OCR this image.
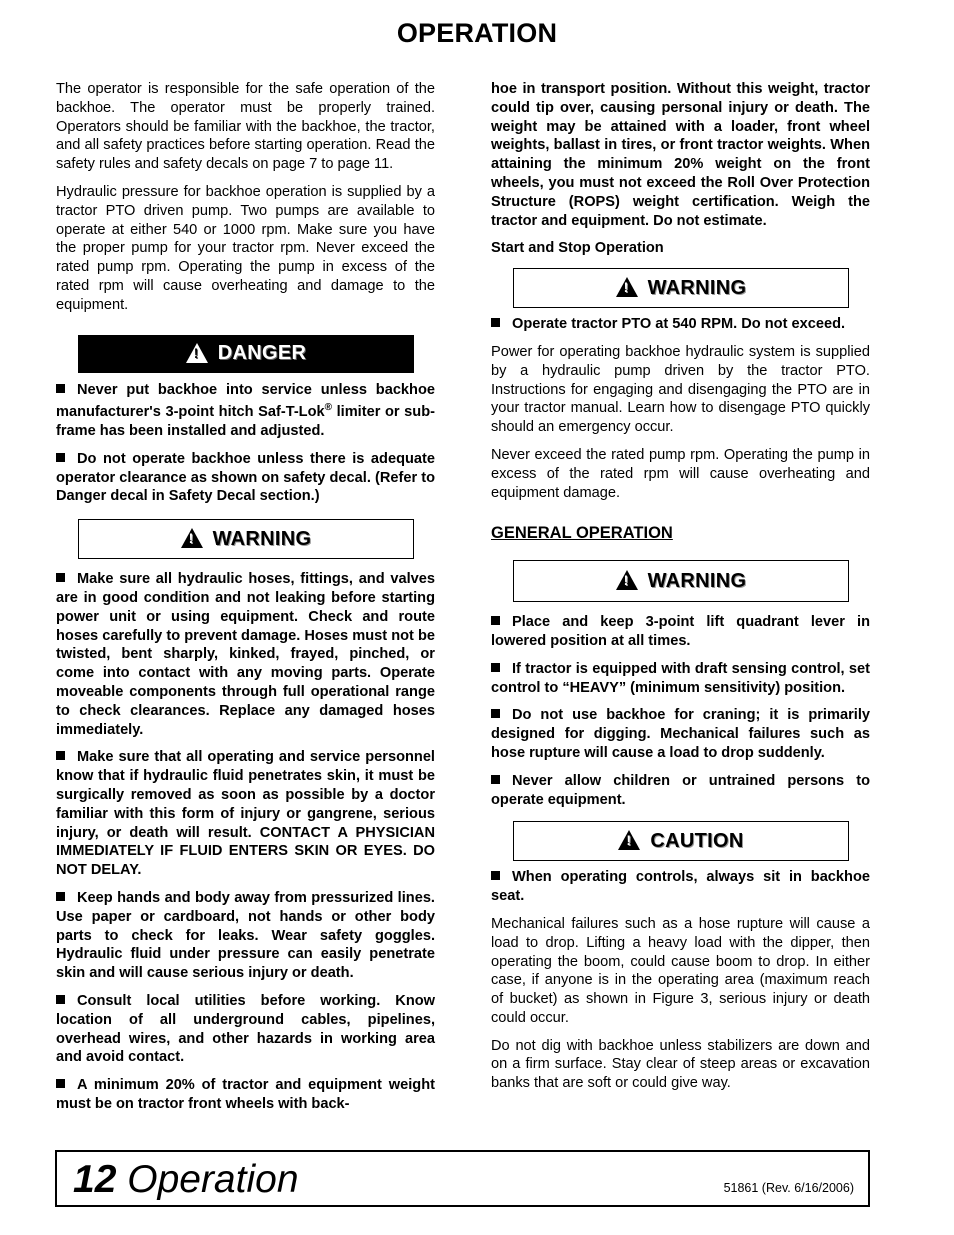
OPERATION

The operator is responsible for the safe operation of the backhoe. The operator must be properly trained. Operators should be familiar with the backhoe, the tractor, and all safety practices before starting operation. Read the safety rules and safety decals on page 7 to page 11.

Hydraulic pressure for backhoe operation is supplied by a tractor PTO driven pump. Two pumps are available to operate at either 540 or 1000 rpm. Make sure you have the proper pump for your tractor rpm. Never exceed the rated pump rpm. Operating the pump in excess of the rated rpm will cause overheating and damage to the equipment.

!
DANGER

Never put backhoe into service unless backhoe manufacturer's 3-point hitch Saf-T-Lok® limiter or sub-frame has been installed and adjusted.

Do not operate backhoe unless there is adequate operator clearance as shown on safety decal. (Refer to Danger decal in Safety Decal section.)

!
WARNING

Make sure all hydraulic hoses, fittings, and valves are in good condition and not leaking before starting power unit or using equipment. Check and route hoses carefully to prevent damage. Hoses must not be twisted, bent sharply, kinked, frayed, pinched, or come into contact with any moving parts. Operate moveable components through full operational range to check clearances. Replace any damaged hoses immediately.

Make sure that all operating and service personnel know that if hydraulic fluid penetrates skin, it must be surgically removed as soon as possible by a doctor familiar with this form of injury or gangrene, serious injury, or death will result. CONTACT A PHYSICIAN IMMEDIATELY IF FLUID ENTERS SKIN OR EYES. DO NOT DELAY.

Keep hands and body away from pressurized lines. Use paper or cardboard, not hands or other body parts to check for leaks. Wear safety goggles. Hydraulic fluid under pressure can easily penetrate skin and will cause serious injury or death.

Consult local utilities before working. Know location of all underground cables, pipelines, overhead wires, and other hazards in working area and avoid contact.

A minimum 20% of tractor and equipment weight must be on tractor front wheels with back-

hoe in transport position. Without this weight, tractor could tip over, causing personal injury or death. The weight may be attained with a loader, front wheel weights, ballast in tires, or front tractor weights. When attaining the minimum 20% weight on the front wheels, you must not exceed the Roll Over Protection Structure (ROPS) weight certification. Weigh the tractor and equipment. Do not estimate.

Start and Stop Operation
!
WARNING

Operate tractor PTO at 540 RPM. Do not exceed.

Power for operating backhoe hydraulic system is supplied by a hydraulic pump driven by the tractor PTO. Instructions for engaging and disengaging the PTO are in your tractor manual. Learn how to disengage PTO quickly should an emergency occur.

Never exceed the rated pump rpm. Operating the pump in excess of the rated rpm will cause overheating and equipment damage.

GENERAL OPERATION
!
WARNING

Place and keep 3-point lift quadrant lever in lowered position at all times.

If tractor is equipped with draft sensing control, set control to “HEAVY” (minimum sensitivity) position.

Do not use backhoe for craning; it is primarily designed for digging. Mechanical failures such as hose rupture will cause a load to drop suddenly.

Never allow children or untrained persons to operate equipment.

!
CAUTION

When operating controls, always sit in backhoe seat.

Mechanical failures such as a hose rupture will cause a load to drop. Lifting a heavy load with the dipper, then operating the boom, could cause boom to drop. In either case, if anyone is in the operating area (maximum reach of bucket) as shown in Figure 3, serious injury or death could occur.

Do not dig with backhoe unless stabilizers are down and on a firm surface. Stay clear of steep areas or excavation banks that are soft or could give way.

12 Operation	51861 (Rev. 6/16/2006)
